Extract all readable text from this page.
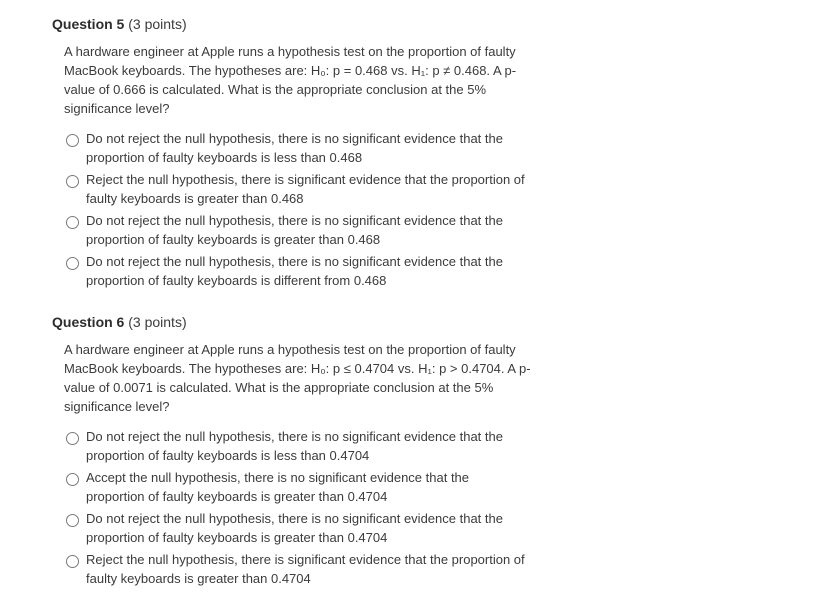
Question 5 (3 points)
A hardware engineer at Apple runs a hypothesis test on the proportion of faulty MacBook keyboards. The hypotheses are: H₀: p = 0.468 vs. H₁: p ≠ 0.468. A p-value of 0.666 is calculated. What is the appropriate conclusion at the 5% significance level?
Do not reject the null hypothesis, there is no significant evidence that the proportion of faulty keyboards is less than 0.468
Reject the null hypothesis, there is significant evidence that the proportion of faulty keyboards is greater than 0.468
Do not reject the null hypothesis, there is no significant evidence that the proportion of faulty keyboards is greater than 0.468
Do not reject the null hypothesis, there is no significant evidence that the proportion of faulty keyboards is different from 0.468
Question 6 (3 points)
A hardware engineer at Apple runs a hypothesis test on the proportion of faulty MacBook keyboards. The hypotheses are: H₀: p ≤ 0.4704 vs. H₁: p > 0.4704. A p-value of 0.0071 is calculated. What is the appropriate conclusion at the 5% significance level?
Do not reject the null hypothesis, there is no significant evidence that the proportion of faulty keyboards is less than 0.4704
Accept the null hypothesis, there is no significant evidence that the proportion of faulty keyboards is greater than 0.4704
Do not reject the null hypothesis, there is no significant evidence that the proportion of faulty keyboards is greater than 0.4704
Reject the null hypothesis, there is significant evidence that the proportion of faulty keyboards is greater than 0.4704
